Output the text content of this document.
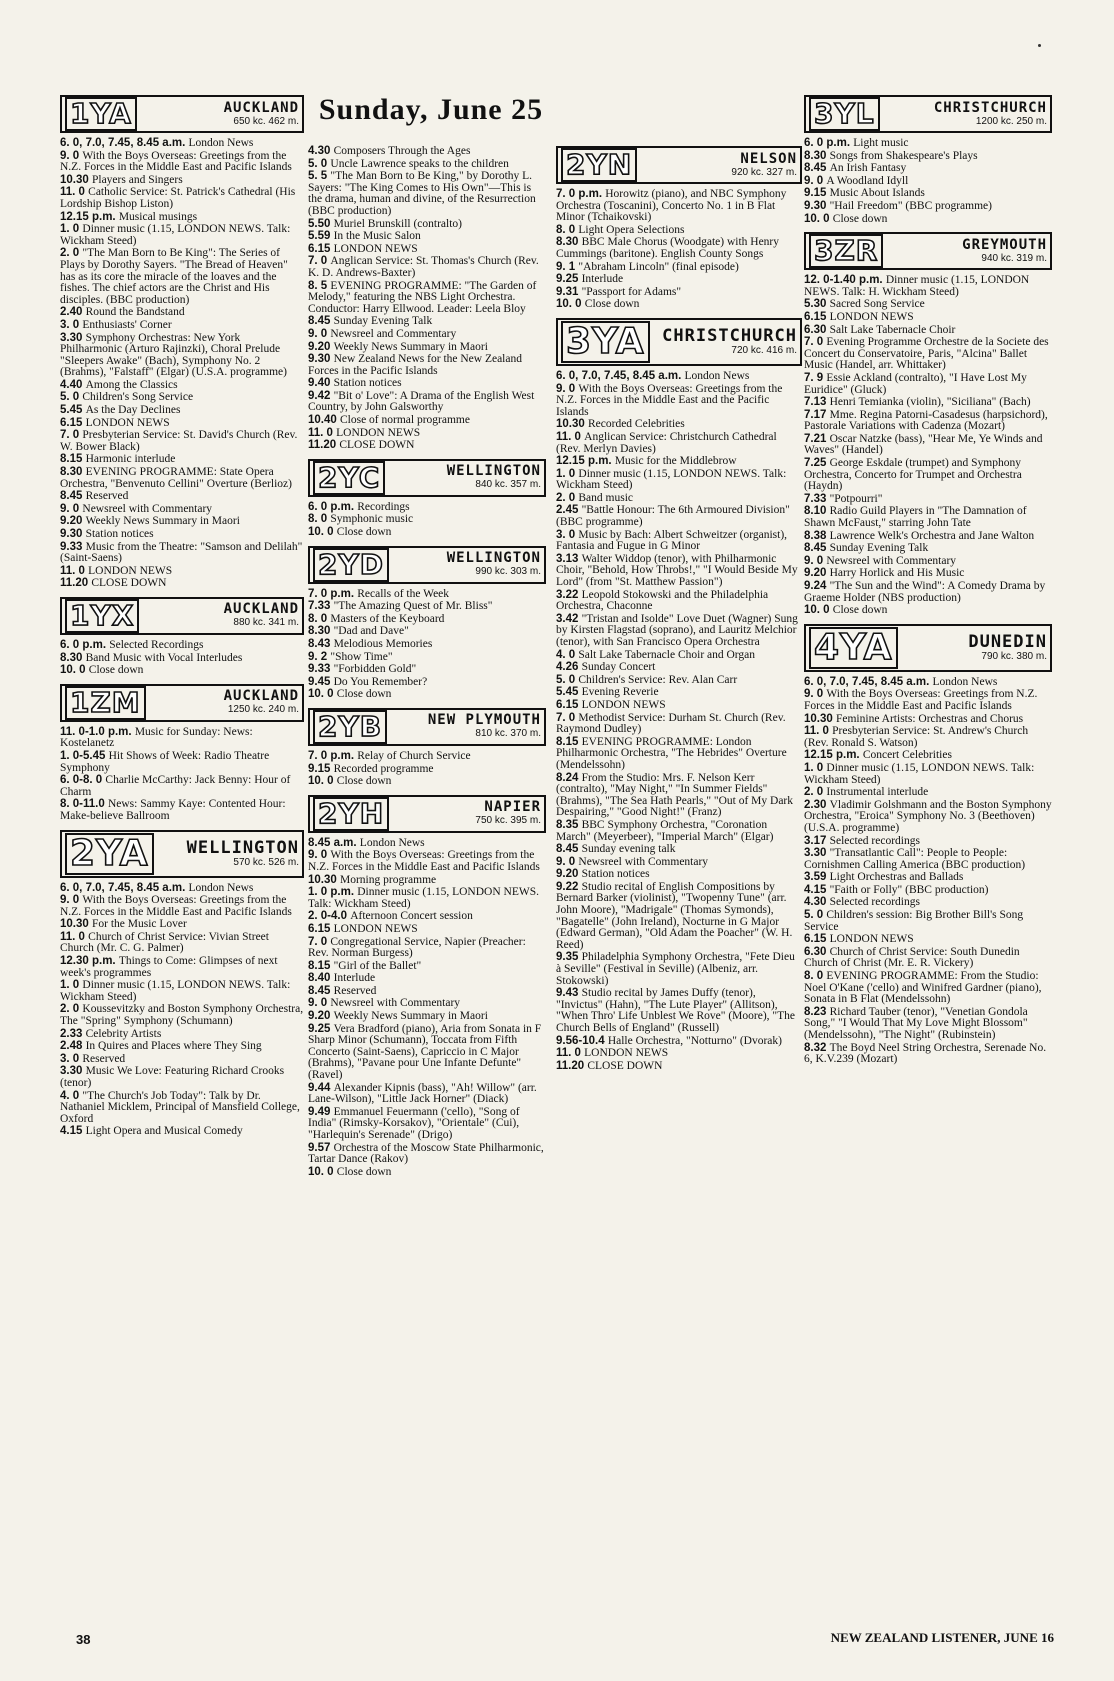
Sunday, June 25
1YA	AUCKLAND
650 kc. 462 m.
6. 0, 7.0, 7.45, 8.45 a.m. London News
9. 0 With the Boys Overseas: Greetings from the N.Z. Forces in the Middle East and Pacific Islands
10.30 Players and Singers
11. 0 Catholic Service: St. Patrick's Cathedral (His Lordship Bishop Liston)
12.15 p.m. Musical musings
1. 0 Dinner music (1.15, LONDON NEWS. Talk: Wickham Steed)
2. 0 "The Man Born to Be King": The Series of Plays by Dorothy Sayers. "The Bread of Heaven" has as its core the miracle of the loaves and the fishes. The chief actors are the Christ and His disciples. (BBC production)
2.40 Round the Bandstand
3. 0 Enthusiasts' Corner
3.30 Symphony Orchestras: New York Philharmonic (Arturo Rajinzki), Choral Prelude "Sleepers Awake" (Bach), Symphony No. 2 (Brahms), "Falstaff" (Elgar) (U.S.A. programme)
4.40 Among the Classics
5. 0 Children's Song Service
5.45 As the Day Declines
6.15 LONDON NEWS
7. 0 Presbyterian Service: St. David's Church (Rev. W. Bower Black)
8.15 Harmonic interlude
8.30 EVENING PROGRAMME: State Opera Orchestra, "Benvenuto Cellini" Overture (Berlioz)
8.45 Reserved
9. 0 Newsreel with Commentary
9.20 Weekly News Summary in Maori
9.30 Station notices
9.33 Music from the Theatre: "Samson and Delilah" (Saint-Saens)
11. 0 LONDON NEWS
11.20 CLOSE DOWN
1YX	AUCKLAND
880 kc. 341 m.
6. 0 p.m. Selected Recordings
8.30 Band Music with Vocal Interludes
10. 0 Close down
1ZM	AUCKLAND
1250 kc. 240 m.
11. 0-1.0 p.m. Music for Sunday: News: Kostelanetz
1. 0-5.45 Hit Shows of Week: Radio Theatre Symphony
6. 0-8. 0 Charlie McCarthy: Jack Benny: Hour of Charm
8. 0-11.0 News: Sammy Kaye: Contented Hour: Make-believe Ballroom
2YA	WELLINGTON
570 kc. 526 m.
6. 0, 7.0, 7.45, 8.45 a.m. London News
9. 0 With the Boys Overseas: Greetings from the N.Z. Forces in the Middle East and Pacific Islands
10.30 For the Music Lover
11. 0 Church of Christ Service: Vivian Street Church (Mr. C. G. Palmer)
12.30 p.m. Things to Come: Glimpses of next week's programmes
1. 0 Dinner music (1.15, LONDON NEWS. Talk: Wickham Steed)
2. 0 Koussevitzky and Boston Symphony Orchestra, The "Spring" Symphony (Schumann)
2.33 Celebrity Artists
2.48 In Quires and Places where They Sing
3. 0 Reserved
3.30 Music We Love: Featuring Richard Crooks (tenor)
4. 0 "The Church's Job Today": Talk by Dr. Nathaniel Micklem, Principal of Mansfield College, Oxford
4.15 Light Opera and Musical Comedy
4.30 Composers Through the Ages
5. 0 Uncle Lawrence speaks to the children
5. 5 "The Man Born to Be King," by Dorothy L. Sayers: "The King Comes to His Own"—This is the drama, human and divine, of the Resurrection (BBC production)
5.50 Muriel Brunskill (contralto)
5.59 In the Music Salon
6.15 LONDON NEWS
7. 0 Anglican Service: St. Thomas's Church (Rev. K. D. Andrews-Baxter)
8. 5 EVENING PROGRAMME: "The Garden of Melody," featuring the NBS Light Orchestra. Conductor: Harry Ellwood. Leader: Leela Bloy
8.45 Sunday Evening Talk
9. 0 Newsreel and Commentary
9.20 Weekly News Summary in Maori
9.30 New Zealand News for the New Zealand Forces in the Pacific Islands
9.40 Station notices
9.42 "Bit o' Love": A Drama of the English West Country, by John Galsworthy
10.40 Close of normal programme
11. 0 LONDON NEWS
11.20 CLOSE DOWN
2YC	WELLINGTON
840 kc. 357 m.
6. 0 p.m. Recordings
8. 0 Symphonic music
10. 0 Close down
2YD	WELLINGTON
990 kc. 303 m.
7. 0 p.m. Recalls of the Week
7.33 "The Amazing Quest of Mr. Bliss"
8. 0 Masters of the Keyboard
8.30 "Dad and Dave"
8.43 Melodious Memories
9. 2 "Show Time"
9.33 "Forbidden Gold"
9.45 Do You Remember?
10. 0 Close down
2YB	NEW PLYMOUTH
810 kc. 370 m.
7. 0 p.m. Relay of Church Service
9.15 Recorded programme
10. 0 Close down
2YH	NAPIER
750 kc. 395 m.
8.45 a.m. London News
9. 0 With the Boys Overseas: Greetings from the N.Z. Forces in the Middle East and Pacific Islands
10.30 Morning programme
1. 0 p.m. Dinner music (1.15, LONDON NEWS. Talk: Wickham Steed)
2. 0-4.0 Afternoon Concert session
6.15 LONDON NEWS
7. 0 Congregational Service, Napier (Preacher: Rev. Norman Burgess)
8.15 "Girl of the Ballet"
8.40 Interlude
8.45 Reserved
9. 0 Newsreel with Commentary
9.20 Weekly News Summary in Maori
9.25 Vera Bradford (piano), Aria from Sonata in F Sharp Minor (Schumann), Toccata from Fifth Concerto (Saint-Saens), Capriccio in C Major (Brahms), "Pavane pour Une Infante Defunte" (Ravel)
9.44 Alexander Kipnis (bass), "Ah! Willow" (arr. Lane-Wilson), "Little Jack Horner" (Diack)
9.49 Emmanuel Feuermann ('cello), "Song of India" (Rimsky-Korsakov), "Orientale" (Cui), "Harlequin's Serenade" (Drigo)
9.57 Orchestra of the Moscow State Philharmonic, Tartar Dance (Rakov)
10. 0 Close down
2YN	NELSON
920 kc. 327 m.
7. 0 p.m. Horowitz (piano), and NBC Symphony Orchestra (Toscanini), Concerto No. 1 in B Flat Minor (Tchaikovski)
8. 0 Light Opera Selections
8.30 BBC Male Chorus (Woodgate) with Henry Cummings (baritone). English County Songs
9. 1 "Abraham Lincoln" (final episode)
9.25 Interlude
9.31 "Passport for Adams"
10. 0 Close down
3YA	CHRISTCHURCH
720 kc. 416 m.
6. 0, 7.0, 7.45, 8.45 a.m. London News
9. 0 With the Boys Overseas: Greetings from the N.Z. Forces in the Middle East and the Pacific Islands
10.30 Recorded Celebrities
11. 0 Anglican Service: Christchurch Cathedral (Rev. Merlyn Davies)
12.15 p.m. Music for the Middlebrow
1. 0 Dinner music (1.15, LONDON NEWS. Talk: Wickham Steed)
2. 0 Band music
2.45 "Battle Honour: The 6th Armoured Division" (BBC programme)
3. 0 Music by Bach: Albert Schweitzer (organist), Fantasia and Fugue in G Minor
3.13 Walter Widdop (tenor), with Philharmonic Choir, "Behold, How Throbs!," "I Would Beside My Lord" (from "St. Matthew Passion")
3.22 Leopold Stokowski and the Philadelphia Orchestra, Chaconne
3.42 "Tristan and Isolde" Love Duet (Wagner) Sung by Kirsten Flagstad (soprano), and Lauritz Melchior (tenor), with San Francisco Opera Orchestra
4. 0 Salt Lake Tabernacle Choir and Organ
4.26 Sunday Concert
5. 0 Children's Service: Rev. Alan Carr
5.45 Evening Reverie
6.15 LONDON NEWS
7. 0 Methodist Service: Durham St. Church (Rev. Raymond Dudley)
8.15 EVENING PROGRAMME: London Philharmonic Orchestra, "The Hebrides" Overture (Mendelssohn)
8.24 From the Studio: Mrs. F. Nelson Kerr (contralto), "May Night," "In Summer Fields" (Brahms), "The Sea Hath Pearls," "Out of My Dark Despairing," "Good Night!" (Franz)
8.35 BBC Symphony Orchestra, "Coronation March" (Meyerbeer), "Imperial March" (Elgar)
8.45 Sunday evening talk
9. 0 Newsreel with Commentary
9.20 Station notices
9.22 Studio recital of English Compositions by Bernard Barker (violinist), "Twopenny Tune" (arr. John Moore), "Madrigale" (Thomas Symonds), "Bagatelle" (John Ireland), Nocturne in G Major (Edward German), "Old Adam the Poacher" (W. H. Reed)
9.35 Philadelphia Symphony Orchestra, "Fete Dieu à Seville" (Festival in Seville) (Albeniz, arr. Stokowski)
9.43 Studio recital by James Duffy (tenor), "Invictus" (Hahn), "The Lute Player" (Allitson), "When Thro' Life Unblest We Rove" (Moore), "The Church Bells of England" (Russell)
9.56-10.4 Halle Orchestra, "Notturno" (Dvorak)
11. 0 LONDON NEWS
11.20 CLOSE DOWN
3YL	CHRISTCHURCH
1200 kc. 250 m.
6. 0 p.m. Light music
8.30 Songs from Shakespeare's Plays
8.45 An Irish Fantasy
9. 0 A Woodland Idyll
9.15 Music About Islands
9.30 "Hail Freedom" (BBC programme)
10. 0 Close down
3ZR	GREYMOUTH
940 kc. 319 m.
12. 0-1.40 p.m. Dinner music (1.15, LONDON NEWS. Talk: H. Wickham Steed)
5.30 Sacred Song Service
6.15 LONDON NEWS
6.30 Salt Lake Tabernacle Choir
7. 0 Evening Programme Orchestre de la Societe des Concert du Conservatoire, Paris, "Alcina" Ballet Music (Handel, arr. Whittaker)
7. 9 Essie Ackland (contralto), "I Have Lost My Euridice" (Gluck)
7.13 Henri Temianka (violin), "Siciliana" (Bach)
7.17 Mme. Regina Patorni-Casadesus (harpsichord), Pastorale Variations with Cadenza (Mozart)
7.21 Oscar Natzke (bass), "Hear Me, Ye Winds and Waves" (Handel)
7.25 George Eskdale (trumpet) and Symphony Orchestra, Concerto for Trumpet and Orchestra (Haydn)
7.33 "Potpourri"
8.10 Radio Guild Players in "The Damnation of Shawn McFaust," starring John Tate
8.38 Lawrence Welk's Orchestra and Jane Walton
8.45 Sunday Evening Talk
9. 0 Newsreel with Commentary
9.20 Harry Horlick and His Music
9.24 "The Sun and the Wind": A Comedy Drama by Graeme Holder (NBS production)
10. 0 Close down
4YA	DUNEDIN
790 kc. 380 m.
6. 0, 7.0, 7.45, 8.45 a.m. London News
9. 0 With the Boys Overseas: Greetings from N.Z. Forces in the Middle East and Pacific Islands
10.30 Feminine Artists: Orchestras and Chorus
11. 0 Presbyterian Service: St. Andrew's Church (Rev. Ronald S. Watson)
12.15 p.m. Concert Celebrities
1. 0 Dinner music (1.15, LONDON NEWS. Talk: Wickham Steed)
2. 0 Instrumental interlude
2.30 Vladimir Golshmann and the Boston Symphony Orchestra, "Eroica" Symphony No. 3 (Beethoven) (U.S.A. programme)
3.17 Selected recordings
3.30 "Transatlantic Call": People to People: Cornishmen Calling America (BBC production)
3.59 Light Orchestras and Ballads
4.15 "Faith or Folly" (BBC production)
4.30 Selected recordings
5. 0 Children's session: Big Brother Bill's Song Service
6.15 LONDON NEWS
6.30 Church of Christ Service: South Dunedin Church of Christ (Mr. E. R. Vickery)
8. 0 EVENING PROGRAMME: From the Studio: Noel O'Kane ('cello) and Winifred Gardner (piano), Sonata in B Flat (Mendelssohn)
8.23 Richard Tauber (tenor), "Venetian Gondola Song," "I Would That My Love Might Blossom" (Mendelssohn), "The Night" (Rubinstein)
8.32 The Boyd Neel String Orchestra, Serenade No. 6, K.V.239 (Mozart)
38	NEW ZEALAND LISTENER, JUNE 16
